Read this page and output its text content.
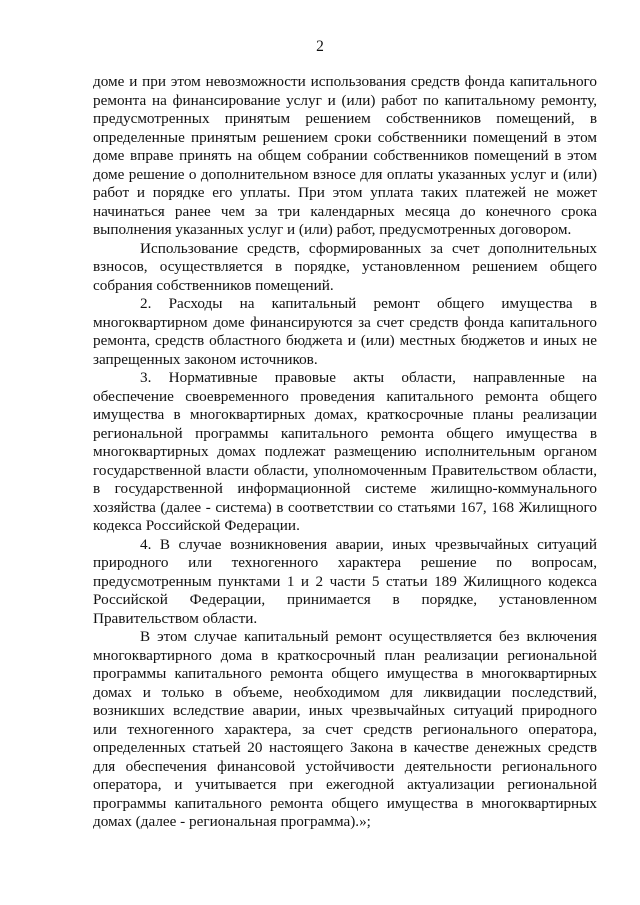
2

доме и при этом невозможности использования средств фонда капитального ремонта на финансирование услуг и (или) работ по капитальному ремонту, предусмотренных принятым решением собственников помещений, в определенные принятым решением сроки собственники помещений в этом доме вправе принять на общем собрании собственников помещений в этом доме решение о дополнительном взносе для оплаты указанных услуг и (или) работ и порядке его уплаты. При этом уплата таких платежей не может начинаться ранее чем за три календарных месяца до конечного срока выполнения указанных услуг и (или) работ, предусмотренных договором.

Использование средств, сформированных за счет дополнительных взносов, осуществляется в порядке, установленном решением общего собрания собственников помещений.

2. Расходы на капитальный ремонт общего имущества в многоквартирном доме финансируются за счет средств фонда капитального ремонта, средств областного бюджета и (или) местных бюджетов и иных не запрещенных законом источников.

3. Нормативные правовые акты области, направленные на обеспечение своевременного проведения капитального ремонта общего имущества в многоквартирных домах, краткосрочные планы реализации региональной программы капитального ремонта общего имущества в многоквартирных домах подлежат размещению исполнительным органом государственной власти области, уполномоченным Правительством области, в государственной информационной системе жилищно-коммунального хозяйства (далее - система) в соответствии со статьями 167, 168 Жилищного кодекса Российской Федерации.

4. В случае возникновения аварии, иных чрезвычайных ситуаций природного или техногенного характера решение по вопросам, предусмотренным пунктами 1 и 2 части 5 статьи 189 Жилищного кодекса Российской Федерации, принимается в порядке, установленном Правительством области.

В этом случае капитальный ремонт осуществляется без включения многоквартирного дома в краткосрочный план реализации региональной программы капитального ремонта общего имущества в многоквартирных домах и только в объеме, необходимом для ликвидации последствий, возникших вследствие аварии, иных чрезвычайных ситуаций природного или техногенного характера, за счет средств регионального оператора, определенных статьей 20 настоящего Закона в качестве денежных средств для обеспечения финансовой устойчивости деятельности регионального оператора, и учитывается при ежегодной актуализации региональной программы капитального ремонта общего имущества в многоквартирных домах (далее - региональная программа).»;
